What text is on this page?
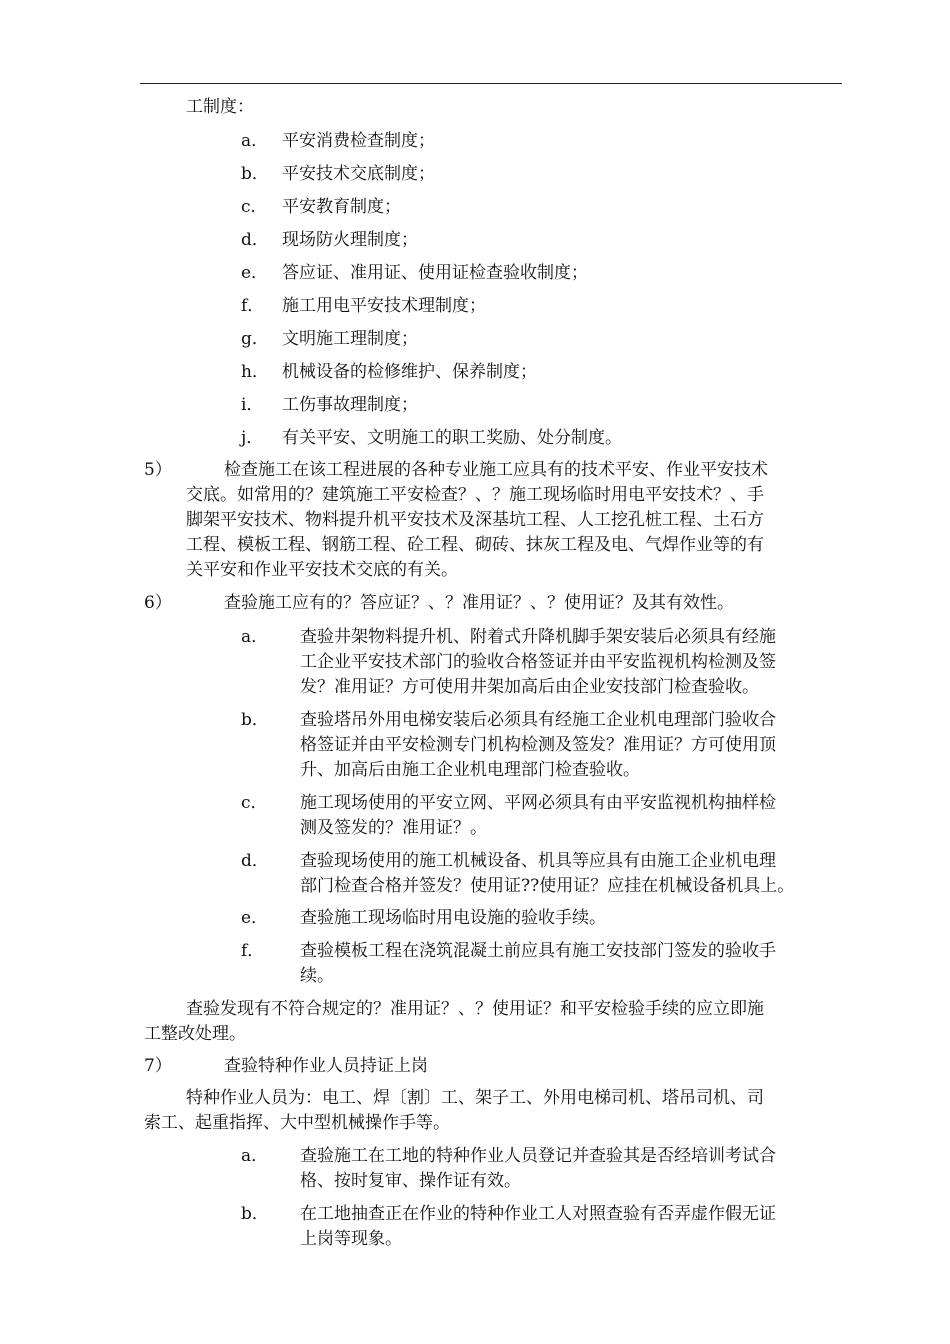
工制度：
a． 平安消费检查制度；
b． 平安技术交底制度；
c． 平安教育制度；
d． 现场防火理制度；
e． 答应证、准用证、使用证检查验收制度；
f． 施工用电平安技术理制度；
g． 文明施工理制度；
h． 机械设备的检修维护、保养制度；
i． 工伤事故理制度；
j． 有关平安、文明施工的职工奖励、处分制度。
5）	检查施工在该工程进展的各种专业施工应具有的技术平安、作业平安技术
交底。如常用的？建筑施工平安检查？、？施工现场临时用电平安技术？、手
脚架平安技术、物料提升机平安技术及深基坑工程、人工挖孔桩工程、土石方
工程、模板工程、钢筋工程、砼工程、砌砖、抹灰工程及电、气焊作业等的有
关平安和作业平安技术交底的有关。
6）	查验施工应有的？答应证？、？准用证？、？使用证？及其有效性。
a． 查验井架物料提升机、附着式升降机脚手架安装后必须具有经施
工企业平安技术部门的验收合格签证并由平安监视机构检测及签
发？准用证？方可使用井架加高后由企业安技部门检查验收。
b． 查验塔吊外用电梯安装后必须具有经施工企业机电理部门验收合
格签证并由平安检测专门机构检测及签发？准用证？方可使用顶
升、加高后由施工企业机电理部门检查验收。
c． 施工现场使用的平安立网、平网必须具有由平安监视机构抽样检
测及签发的？准用证？。
d． 查验现场使用的施工机械设备、机具等应具有由施工企业机电理
部门检查合格并签发？使用证??使用证？应挂在机械设备机具上。
e． 查验施工现场临时用电设施的验收手续。
f． 查验模板工程在浇筑混凝土前应具有施工安技部门签发的验收手
续。
查验发现有不符合规定的？准用证？、？使用证？和平安检验手续的应立即施
工整改处理。
7）	查验特种作业人员持证上岗
特种作业人员为：电工、焊〔割〕工、架子工、外用电梯司机、塔吊司机、司
索工、起重指挥、大中型机械操作手等。
a． 查验施工在工地的特种作业人员登记并查验其是否经培训考试合
格、按时复审、操作证有效。
b． 在工地抽查正在作业的特种作业工人对照查验有否弄虚作假无证
上岗等现象。
